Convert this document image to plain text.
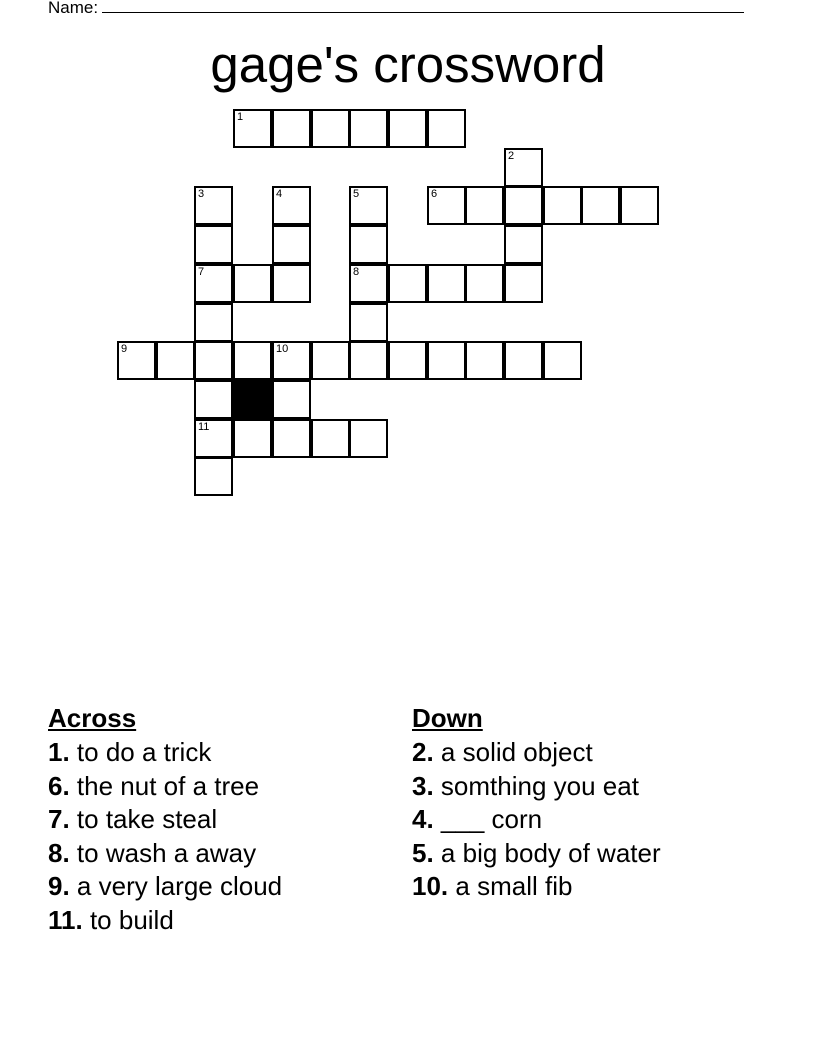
Name:
gage's crossword
1
2
3	4	5	6
7	8
9	10
11
Across
1. to do a trick
6. the nut of a tree
7. to take steal
8. to wash a away
9. a very large cloud
11. to build
Down
2. a solid object
3. somthing you eat
4. ___ corn
5. a big body of water
10. a small fib
